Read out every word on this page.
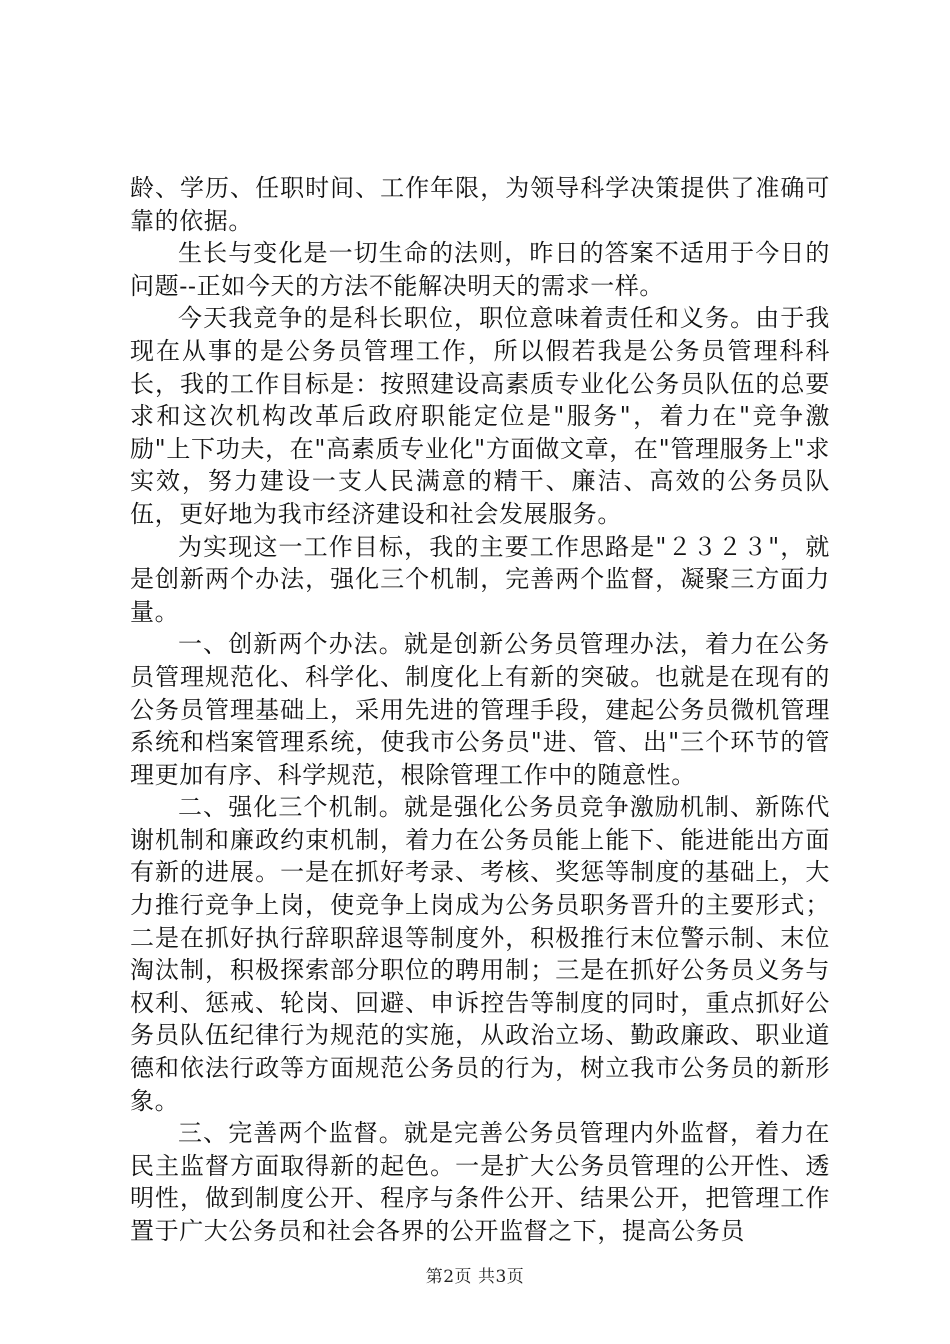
龄、学历、任职时间、工作年限，为领导科学决策提供了准确可靠的依据。

生长与变化是一切生命的法则，昨日的答案不适用于今日的问题--正如今天的方法不能解决明天的需求一样。

今天我竞争的是科长职位，职位意味着责任和义务。由于我现在从事的是公务员管理工作，所以假若我是公务员管理科科长，我的工作目标是：按照建设高素质专业化公务员队伍的总要求和这次机构改革后政府职能定位是"服务"，着力在"竞争激励"上下功夫，在"高素质专业化"方面做文章，在"管理服务上"求实效，努力建设一支人民满意的精干、廉洁、高效的公务员队伍，更好地为我市经济建设和社会发展服务。

为实现这一工作目标，我的主要工作思路是"２３２３"，就是创新两个办法，强化三个机制，完善两个监督，凝聚三方面力量。

一、创新两个办法。就是创新公务员管理办法，着力在公务员管理规范化、科学化、制度化上有新的突破。也就是在现有的公务员管理基础上，采用先进的管理手段，建起公务员微机管理系统和档案管理系统，使我市公务员"进、管、出"三个环节的管理更加有序、科学规范，根除管理工作中的随意性。

二、强化三个机制。就是强化公务员竞争激励机制、新陈代谢机制和廉政约束机制，着力在公务员能上能下、能进能出方面有新的进展。一是在抓好考录、考核、奖惩等制度的基础上，大力推行竞争上岗，使竞争上岗成为公务员职务晋升的主要形式；二是在抓好执行辞职辞退等制度外，积极推行末位警示制、末位淘汰制，积极探索部分职位的聘用制；三是在抓好公务员义务与权利、惩戒、轮岗、回避、申诉控告等制度的同时，重点抓好公务员队伍纪律行为规范的实施，从政治立场、勤政廉政、职业道德和依法行政等方面规范公务员的行为，树立我市公务员的新形象。

三、完善两个监督。就是完善公务员管理内外监督，着力在民主监督方面取得新的起色。一是扩大公务员管理的公开性、透明性，做到制度公开、程序与条件公开、结果公开，把管理工作置于广大公务员和社会各界的公开监督之下，提高公务员

第2页 共3页
